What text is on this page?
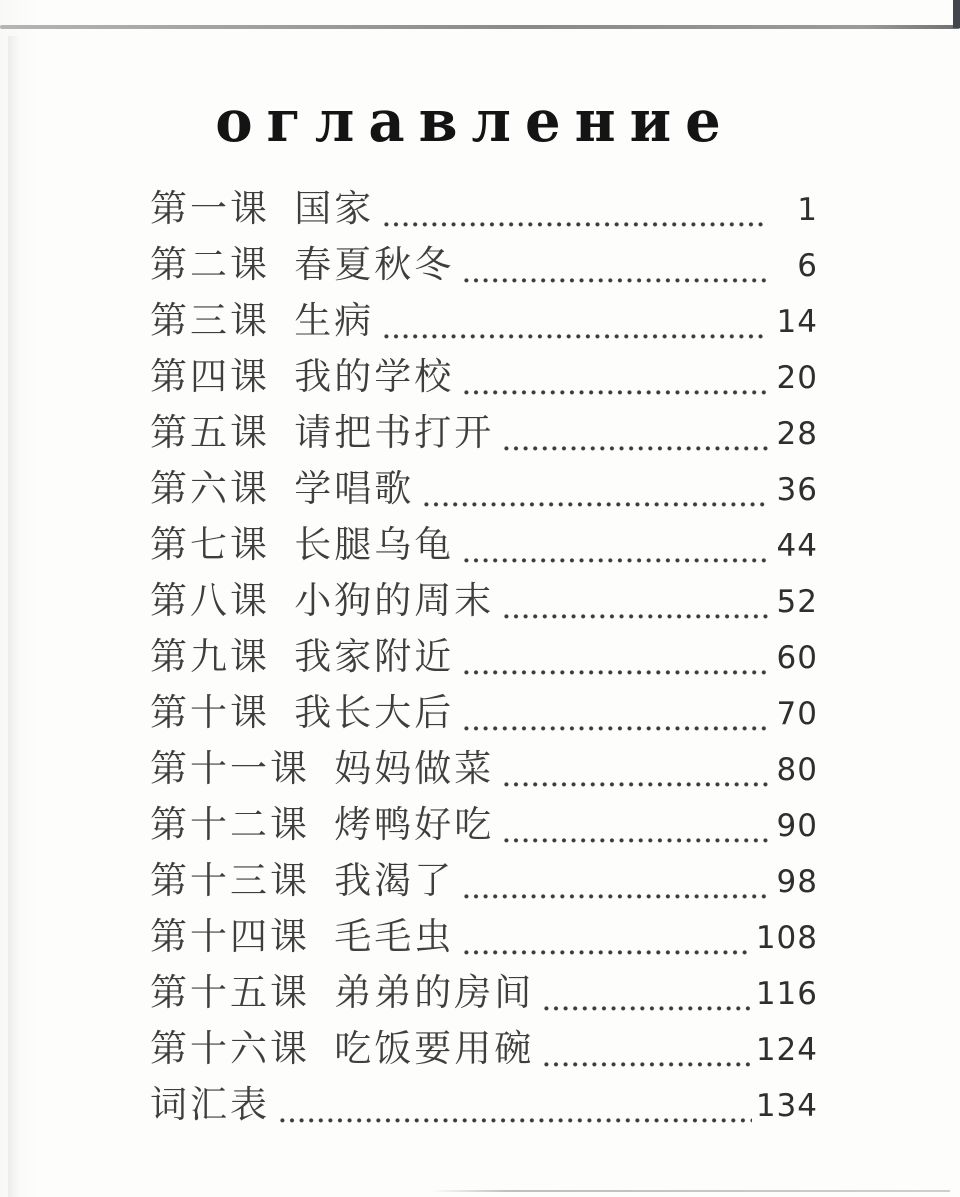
оглавление
第一课 国家	1
第二课 春夏秋冬	6
第三课 生病	14
第四课 我的学校	20
第五课 请把书打开	28
第六课 学唱歌	36
第七课 长腿乌龟	44
第八课 小狗的周末	52
第九课 我家附近	60
第十课 我长大后	70
第十一课 妈妈做菜	80
第十二课 烤鸭好吃	90
第十三课 我渴了	98
第十四课 毛毛虫	108
第十五课 弟弟的房间	116
第十六课 吃饭要用碗	124
词汇表	134
